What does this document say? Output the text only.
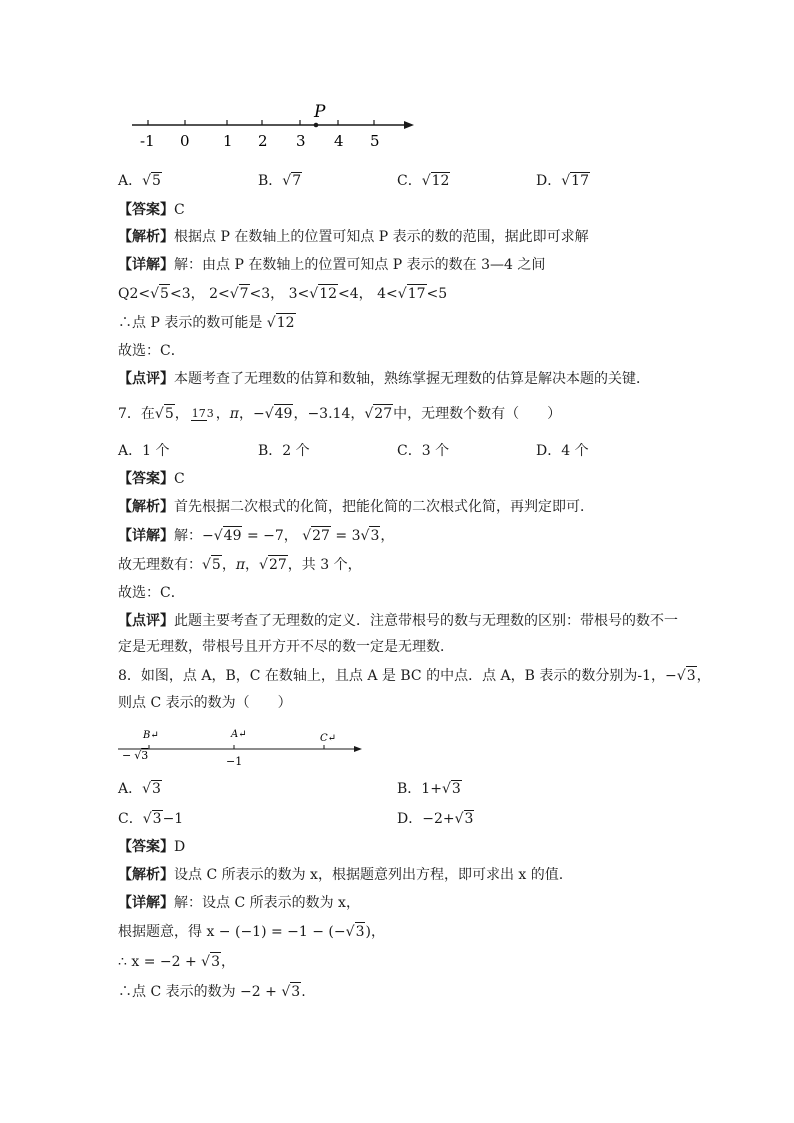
P
-1 0 1 2 3 4 5
A．√5	B．√7	C．√12	D．√17
【答案】C
【解析】根据点 P 在数轴上的位置可知点 P 表示的数的范围，据此即可求解
【详解】解：由点 P 在数轴上的位置可知点 P 表示的数在 3—4 之间
Q2<√5<3， 2<√7<3， 3<√12<4， 4<√17<5
∴点 P 表示的数可能是 √12
故选：C．
【点评】本题考查了无理数的估算和数轴，熟练掌握无理数的估算是解决本题的关键．
7．在√5， 173 ，π，−√49，−3.14̇，√27中，无理数个数有（　　）
A．1 个	B．2 个	C．3 个	D．4 个
【答案】C
【解析】首先根据二次根式的化简，把能化简的二次根式化简，再判定即可．
【详解】解：−√49 = −7， √27 = 3√3，
故无理数有：√5，π，√27，共 3 个，
故选：C．
【点评】此题主要考查了无理数的定义．注意带根号的数与无理数的区别：带根号的数不一
定是无理数，带根号且开方开不尽的数一定是无理数．
8．如图，点 A，B，C 在数轴上，且点 A 是 BC 的中点．点 A，B 表示的数分别为-1，−√3，
则点 C 表示的数为（　　）
B↵	A↵	C↵
− √3	−1
A．√3	B．1+√3
C．√3−1	D．−2+√3
【答案】D
【解析】设点 C 所表示的数为 x，根据题意列出方程，即可求出 x 的值.
【详解】解：设点 C 所表示的数为 x，
根据题意，得 x − (−1) = −1 − (−√3)，
∴ x = −2 + √3，
∴点 C 表示的数为 −2 + √3.
